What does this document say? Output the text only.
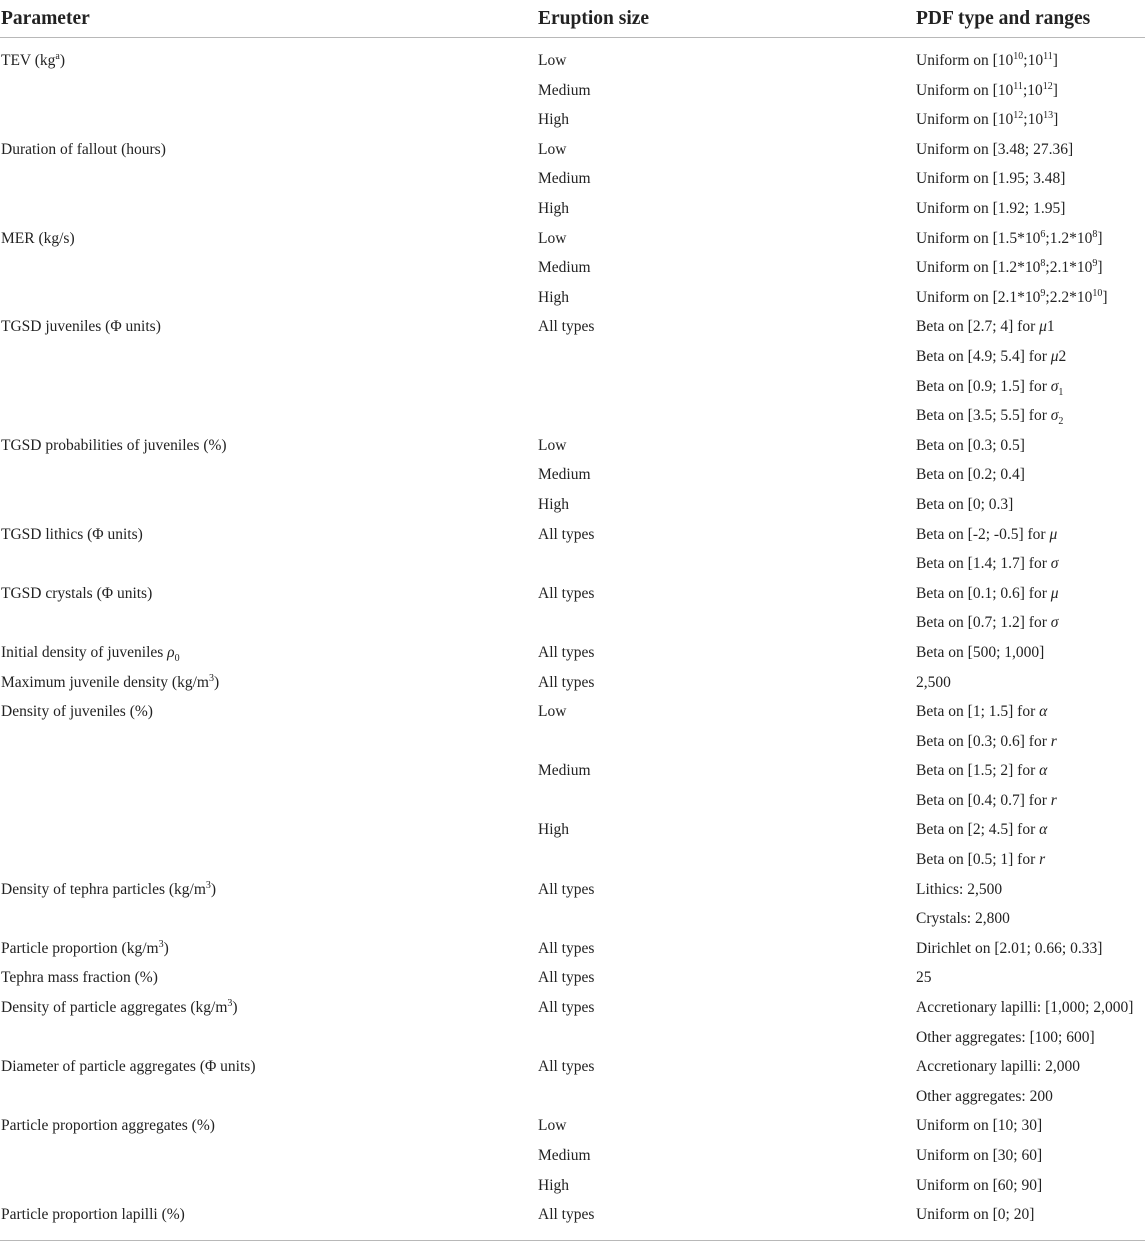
Parameter	Eruption size	PDF type and ranges
TEV $(kg^a)$	Low	Uniform on $[10^{10};10^{11}]$
	Medium	Uniform on $[10^{11};10^{12}]$
	High	Uniform on $[10^{12};10^{13}]$
Duration of fallout (hours)	Low	Uniform on [3.48; 27.36]
	Medium	Uniform on [1.95; 3.48]
	High	Uniform on [1.92; 1.95]
MER (kg/s)	Low	Uniform on $[1.5*10^6;1.2*10^8]$
	Medium	Uniform on $[1.2*10^8;2.1*10^9]$
	High	Uniform on $[2.1*10^9;2.2*10^{10}]$
TGSD juveniles (Φ units)	All types	Beta on [2.7; 4] for μ1
		Beta on [4.9; 5.4] for μ2
		Beta on [0.9; 1.5] for $\sigma_1$
		Beta on [3.5; 5.5] for $\sigma_2$
TGSD probabilities of juveniles (%)	Low	Beta on [0.3; 0.5]
	Medium	Beta on [0.2; 0.4]
	High	Beta on [0; 0.3]
TGSD lithics (Φ units)	All types	Beta on [-2; -0.5] for μ
		Beta on [1.4; 1.7] for σ
TGSD crystals (Φ units)	All types	Beta on [0.1; 0.6] for μ
		Beta on [0.7; 1.2] for σ
Initial density of juveniles $\rho_0$	All types	Beta on [500; 1,000]
Maximum juvenile density $(kg/m^3)$	All types	2,500
Density of juveniles (%)	Low	Beta on [1; 1.5] for α
		Beta on [0.3; 0.6] for r
	Medium	Beta on [1.5; 2] for α
		Beta on [0.4; 0.7] for r
	High	Beta on [2; 4.5] for α
		Beta on [0.5; 1] for r
Density of tephra particles $(kg/m^3)$	All types	Lithics: 2,500
		Crystals: 2,800
Particle proportion $(kg/m^3)$	All types	Dirichlet on [2.01; 0.66; 0.33]
Tephra mass fraction (%)	All types	25
Density of particle aggregates $(kg/m^3)$	All types	Accretionary lapilli: [1,000; 2,000]
		Other aggregates: [100; 600]
Diameter of particle aggregates (Φ units)	All types	Accretionary lapilli: 2,000
		Other aggregates: 200
Particle proportion aggregates (%)	Low	Uniform on [10; 30]
	Medium	Uniform on [30; 60]
	High	Uniform on [60; 90]
Particle proportion lapilli (%)	All types	Uniform on [0; 20]
